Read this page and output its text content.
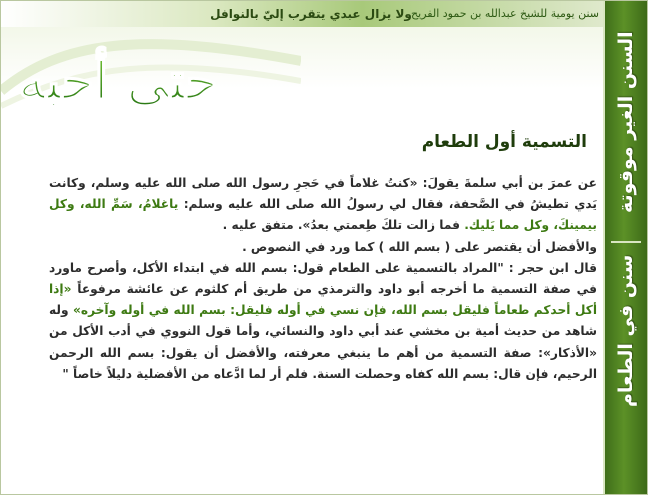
ولا يزال عبدي يتقرب إليّ بالنوافل سنن يومية للشيخ عبدالله بن حمود الفريح
حتى أحبه	السنن الغير موقوتة
سنن في الطعام
التسمية أول الطعام

عن عمرَ بن أبي سلمةَ يقولَ: «كنتُ غلاماً في حَجرِ رسول الله صلى الله عليه وسلم، وكانت يَدي تطيشُ في الصَّحفة، فقال لي رسولُ الله صلى الله عليه وسلم: ياغلامُ، سَمِّ الله، وكل بيمينكَ، وكل مما يَليك. فما زالت تلكَ طِعمتي بعدُ». متفق عليه .

والأفضل أن يقتصر على ( بسم الله ) كما ورد في النصوص .

قال ابن حجر : "المراد بالتسمية على الطعام قول: بسم الله في ابتداء الأكل، وأصرح ماورد في صفة التسمية ما أخرجه أبو داود والترمذي من طريق أم كلثوم عن عائشة مرفوعاً «إذا أكل أحدكم طعاماً فليقل بسم الله، فإن نسي في أوله فليقل: بسم الله في أوله وآخره» وله شاهد من حديث أمية بن مخشي عند أبي داود والنسائي، وأما قول النووي في أدب الأكل من «الأذكار»: صفة التسمية من أهم ما ينبغي معرفته، والأفضل أن يقول: بسم الله الرحمن الرحيم، فإن قال: بسم الله كفاه وحصلت السنة. فلم أر لما ادَّعاه من الأفضلية دليلاً خاصاً "
